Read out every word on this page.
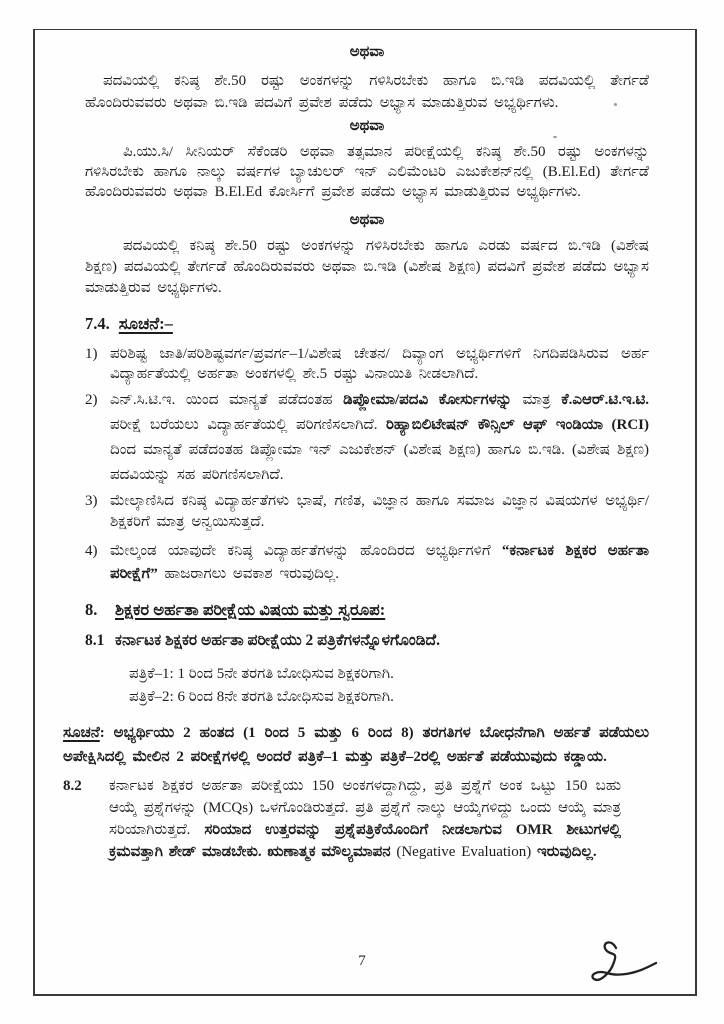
ಅಥವಾ

ಪದವಿಯಲ್ಲಿ ಕನಿಷ್ಠ ಶೇ.50 ರಷ್ಟು ಅಂಕಗಳನ್ನು ಗಳಿಸಿರಬೇಕು ಹಾಗೂ ಬಿ.ಇಡಿ ಪದವಿಯಲ್ಲಿ ತೇರ್ಗಡೆ ಹೊಂದಿರುವವರು ಅಥವಾ ಬಿ.ಇಡಿ ಪದವಿಗೆ ಪ್ರವೇಶ ಪಡೆದು ಅಭ್ಯಾಸ ಮಾಡುತ್ತಿರುವ ಅಭ್ಯರ್ಥಿಗಳು.

ಅಥವಾ

ಪಿ.ಯು.ಸಿ/ ಸೀನಿಯರ್ ಸೆಕೆಂಡರಿ ಅಥವಾ ತತ್ಸಮಾನ ಪರೀಕ್ಷೆಯಲ್ಲಿ ಕನಿಷ್ಠ ಶೇ.50 ರಷ್ಟು ಅಂಕಗಳನ್ನು ಗಳಿಸಿರಬೇಕು ಹಾಗೂ ನಾಲ್ಕು ವರ್ಷಗಳ ಬ್ಯಾಚುಲರ್ ಇನ್ ಎಲಿಮೆಂಟರಿ ಎಜುಕೇಶನ್‌ನಲ್ಲಿ (B.El.Ed) ತೇರ್ಗಡೆ ಹೊಂದಿರುವವರು ಅಥವಾ B.El.Ed ಕೋರ್ಸಿಗೆ ಪ್ರವೇಶ ಪಡೆದು ಅಭ್ಯಾಸ ಮಾಡುತ್ತಿರುವ ಅಭ್ಯರ್ಥಿಗಳು.

ಅಥವಾ

ಪದವಿಯಲ್ಲಿ ಕನಿಷ್ಠ ಶೇ.50 ರಷ್ಟು ಅಂಕಗಳನ್ನು ಗಳಿಸಿರಬೇಕು ಹಾಗೂ ಎರಡು ವರ್ಷದ ಬಿ.ಇಡಿ (ವಿಶೇಷ ಶಿಕ್ಷಣ) ಪದವಿಯಲ್ಲಿ ತೇರ್ಗಡೆ ಹೊಂದಿರುವವರು ಅಥವಾ ಬಿ.ಇಡಿ (ವಿಶೇಷ ಶಿಕ್ಷಣ) ಪದವಿಗೆ ಪ್ರವೇಶ ಪಡೆದು ಅಭ್ಯಾಸ ಮಾಡುತ್ತಿರುವ ಅಭ್ಯರ್ಥಿಗಳು.

7.4. ಸೂಚನೆ:–
1) ಪರಿಶಿಷ್ಟ ಜಾತಿ/ಪರಿಶಿಷ್ಟವರ್ಗ/ಪ್ರವರ್ಗ–1/ವಿಶೇಷ ಚೇತನ/ ದಿವ್ಯಾಂಗ ಅಭ್ಯರ್ಥಿಗಳಿಗೆ ನಿಗದಿಪಡಿಸಿರುವ ಅರ್ಹ ವಿದ್ಯಾರ್ಹತೆಯಲ್ಲಿ ಅರ್ಹತಾ ಅಂಕಗಳಲ್ಲಿ ಶೇ.5 ರಷ್ಟು ವಿನಾಯಿತಿ ನೀಡಲಾಗಿದೆ.
2) ಎನ್.ಸಿ.ಟಿ.ಇ. ಯಿಂದ ಮಾನ್ಯತೆ ಪಡೆದಂತಹ ಡಿಪ್ಲೋಮಾ/ಪದವಿ ಕೋರ್ಸುಗಳನ್ನು ಮಾತ್ರ ಕೆ.ಎಆರ್.ಟಿ.ಇ.ಟಿ. ಪರೀಕ್ಷೆ ಬರೆಯಲು ವಿದ್ಯಾರ್ಹತೆಯಲ್ಲಿ ಪರಿಗಣಿಸಲಾಗಿದೆ. ರಿಹ್ಯಾಬಿಲಿಟೇಷನ್ ಕೌನ್ಸಿಲ್ ಆಫ್ ಇಂಡಿಯಾ (RCI) ದಿಂದ ಮಾನ್ಯತೆ ಪಡೆದಂತಹ ಡಿಪ್ಲೋಮಾ ಇನ್ ಎಜುಕೇಶನ್ (ವಿಶೇಷ ಶಿಕ್ಷಣ) ಹಾಗೂ ಬಿ.ಇಡಿ. (ವಿಶೇಷ ಶಿಕ್ಷಣ) ಪದವಿಯನ್ನು ಸಹ ಪರಿಗಣಿಸಲಾಗಿದೆ.
3) ಮೇಲ್ಕಾಣಿಸಿದ ಕನಿಷ್ಠ ವಿದ್ಯಾರ್ಹತೆಗಳು ಭಾಷೆ, ಗಣಿತ, ವಿಜ್ಞಾನ ಹಾಗೂ ಸಮಾಜ ವಿಜ್ಞಾನ ವಿಷಯಗಳ ಅಭ್ಯರ್ಥಿ/ಶಿಕ್ಷಕರಿಗೆ ಮಾತ್ರ ಅನ್ವಯಿಸುತ್ತದೆ.
4) ಮೇಲ್ಕಂಡ ಯಾವುದೇ ಕನಿಷ್ಠ ವಿದ್ಯಾರ್ಹತೆಗಳನ್ನು ಹೊಂದಿರದ ಅಭ್ಯರ್ಥಿಗಳಿಗೆ “ಕರ್ನಾಟಕ ಶಿಕ್ಷಕರ ಅರ್ಹತಾ ಪರೀಕ್ಷೆಗೆ” ಹಾಜರಾಗಲು ಅವಕಾಶ ಇರುವುದಿಲ್ಲ.
8.	ಶಿಕ್ಷಕರ ಅರ್ಹತಾ ಪರೀಕ್ಷೆಯ ವಿಷಯ ಮತ್ತು ಸ್ವರೂಪ:
8.1 ಕರ್ನಾಟಕ ಶಿಕ್ಷಕರ ಅರ್ಹತಾ ಪರೀಕ್ಷೆಯು 2 ಪತ್ರಿಕೆಗಳನ್ನೊಳಗೊಂಡಿದೆ.
ಪತ್ರಿಕೆ–1: 1 ರಿಂದ 5ನೇ ತರಗತಿ ಬೋಧಿಸುವ ಶಿಕ್ಷಕರಿಗಾಗಿ.
ಪತ್ರಿಕೆ–2: 6 ರಿಂದ 8ನೇ ತರಗತಿ ಬೋಧಿಸುವ ಶಿಕ್ಷಕರಿಗಾಗಿ.

ಸೂಚನೆ: ಅಭ್ಯರ್ಥಿಯು 2 ಹಂತದ (1 ರಿಂದ 5 ಮತ್ತು 6 ರಿಂದ 8) ತರಗತಿಗಳ ಬೋಧನೆಗಾಗಿ ಅರ್ಹತೆ ಪಡೆಯಲು ಅಪೇಕ್ಷಿಸಿದಲ್ಲಿ ಮೇಲಿನ 2 ಪರೀಕ್ಷೆಗಳಲ್ಲಿ ಅಂದರೆ ಪತ್ರಿಕೆ–1 ಮತ್ತು ಪತ್ರಿಕೆ–2ರಲ್ಲಿ ಅರ್ಹತೆ ಪಡೆಯುವುದು ಕಡ್ಡಾಯ.

8.2	ಕರ್ನಾಟಕ ಶಿಕ್ಷಕರ ಅರ್ಹತಾ ಪರೀಕ್ಷೆಯು 150 ಅಂಕಗಳದ್ದಾಗಿದ್ದು, ಪ್ರತಿ ಪ್ರಶ್ನೆಗೆ ಅಂಕ ಒಟ್ಟು 150 ಬಹು ಆಯ್ಕೆ ಪ್ರಶ್ನೆಗಳನ್ನು (MCQs) ಒಳಗೊಂಡಿರುತ್ತದೆ. ಪ್ರತಿ ಪ್ರಶ್ನೆಗೆ ನಾಲ್ಕು ಆಯ್ಕೆಗಳಿದ್ದು ಒಂದು ಆಯ್ಕೆ ಮಾತ್ರ ಸರಿಯಾಗಿರುತ್ತದೆ. ಸರಿಯಾದ ಉತ್ತರವನ್ನು ಪ್ರಶ್ನೆಪತ್ರಿಕೆಯೊಂದಿಗೆ ನೀಡಲಾಗುವ OMR ಶೀಟುಗಳಲ್ಲಿ ಕ್ರಮವತ್ತಾಗಿ ಶೇಡ್ ಮಾಡಬೇಕು. ಋಣಾತ್ಮಕ ಮೌಲ್ಯಮಾಪನ (Negative Evaluation) ಇರುವುದಿಲ್ಲ.
7
